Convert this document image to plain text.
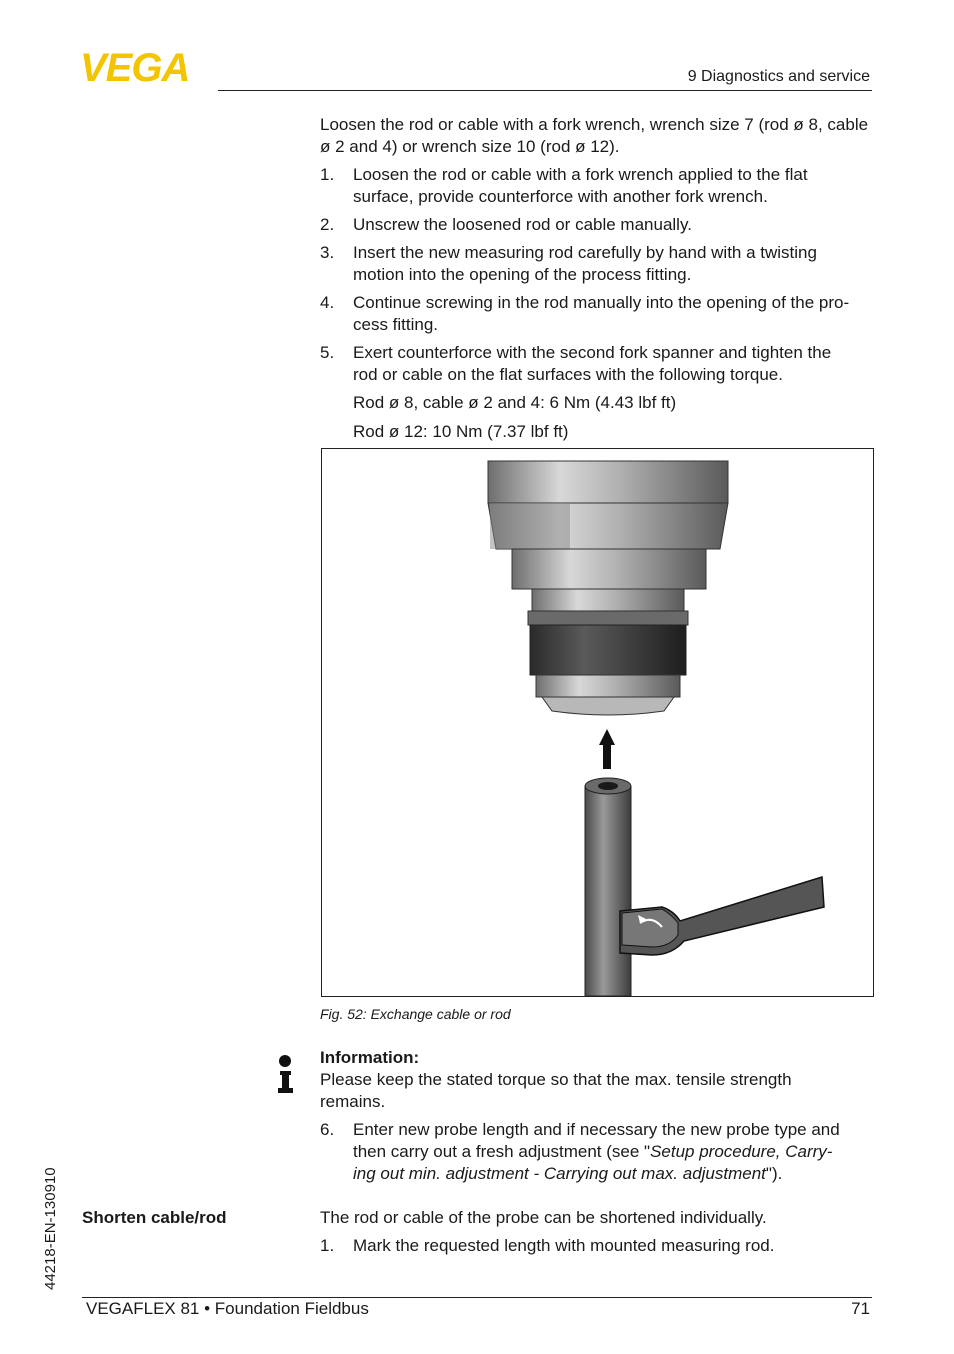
VEGA	9 Diagnostics and service

Loosen the rod or cable with a fork wrench, wrench size 7 (rod ø 8, cable ø 2 and 4) or wrench size 10 (rod ø 12).

1. Loosen the rod or cable with a fork wrench applied to the flat
surface, provide counterforce with another fork wrench.
2. Unscrew the loosened rod or cable manually.
3. Insert the new measuring rod carefully by hand with a twisting
motion into the opening of the process fitting.
4. Continue screwing in the rod manually into the opening of the pro-
cess fitting.
5. Exert counterforce with the second fork spanner and tighten the
rod or cable on the flat surfaces with the following torque.
Rod ø 8, cable ø 2 and 4: 6 Nm (4.43 lbf ft)
Rod ø 12: 10 Nm (7.37 lbf ft)
Fig. 52: Exchange cable or rod
Information:
Please keep the stated torque so that the max. tensile strength
remains.
6. Enter new probe length and if necessary the new probe type and
then carry out a fresh adjustment (see "Setup procedure, Carry-
ing out min. adjustment - Carrying out max. adjustment").
Shorten cable/rod	The rod or cable of the probe can be shortened individually.

1. Mark the requested length with mounted measuring rod.
44218-EN-130910
VEGAFLEX 81 • Foundation Fieldbus	71
